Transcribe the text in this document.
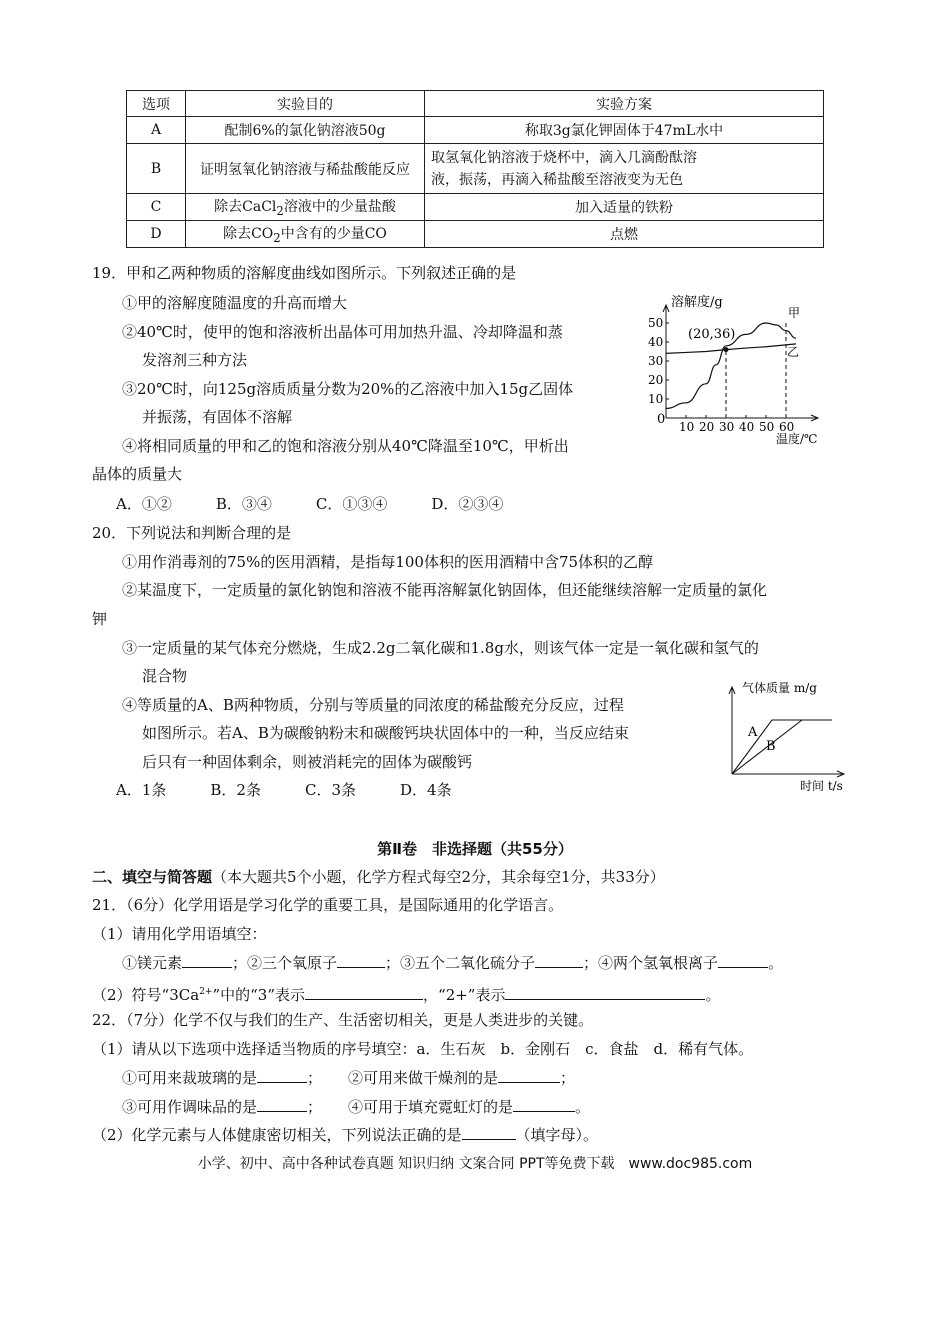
选项	实验目的	实验方案
A	配制6%的氯化钠溶液50g	称取3g氯化钾固体于47mL水中
B	证明氢氧化钠溶液与稀盐酸能反应	取氢氧化钠溶液于烧杯中，滴入几滴酚酞溶
液，振荡，再滴入稀盐酸至溶液变为无色
C	除去CaCl$_2$溶液中的少量盐酸	加入适量的铁粉
D	除去$CO_2$中含有的少量CO	点燃
19．甲和乙两种物质的溶解度曲线如图所示。下列叙述正确的是
①甲的溶解度随温度的升高而增大
②40℃时，使甲的饱和溶液析出晶体可用加热升温、冷却降温和蒸
发溶剂三种方法
③20℃时，向125g溶质质量分数为20%的乙溶液中加入15g乙固体
并振荡，有固体不溶解
④将相同质量的甲和乙的饱和溶液分别从40℃降温至10℃，甲析出
晶体的质量大
A．①②	B．③④	C．①③④	D．②③④
10 20 30 40 50 60
10
20
30
40
50
溶解度/g
温度/℃
0
(20,36)
甲
乙
20．下列说法和判断合理的是
①用作消毒剂的75%的医用酒精，是指每100体积的医用酒精中含75体积的乙醇
②某温度下，一定质量的氯化钠饱和溶液不能再溶解氯化钠固体，但还能继续溶解一定质量的氯化
钾
③一定质量的某气体充分燃烧，生成2.2g二氧化碳和1.8g水，则该气体一定是一氧化碳和氢气的
混合物
④等质量的A、B两种物质，分别与等质量的同浓度的稀盐酸充分反应，过程
如图所示。若A、B为碳酸钠粉末和碳酸钙块状固体中的一种，当反应结束
后只有一种固体剩余，则被消耗完的固体为碳酸钙
A．1条	B．2条	C．3条	D．4条
气体质量 m/g
时间 t/s
A
B
第Ⅱ卷　非选择题（共55分）
二、填空与简答题（本大题共5个小题，化学方程式每空2分，其余每空1分，共33分）
21．（6分）化学用语是学习化学的重要工具，是国际通用的化学语言。
（1）请用化学用语填空：
①镁元素	；②三个氧原子	；③五个二氧化硫分子	；④两个氢氧根离子	。
（2）符号“$3Ca^{2+}$”中的“3”表示	，“2+”表示	。
22．（7分）化学不仅与我们的生产、生活密切相关，更是人类进步的关键。
（1）请从以下选项中选择适当物质的序号填空：a．生石灰　b．金刚石　c．食盐　d．稀有气体。
①可用来裁玻璃的是	； ②可用来做干燥剂的是	；
③可用作调味品的是	； ④可用于填充霓虹灯的是	。
（2）化学元素与人体健康密切相关，下列说法正确的是	（填字母）。
小学、初中、高中各种试卷真题 知识归纳 文案合同 PPT等免费下载　www.doc985.com
